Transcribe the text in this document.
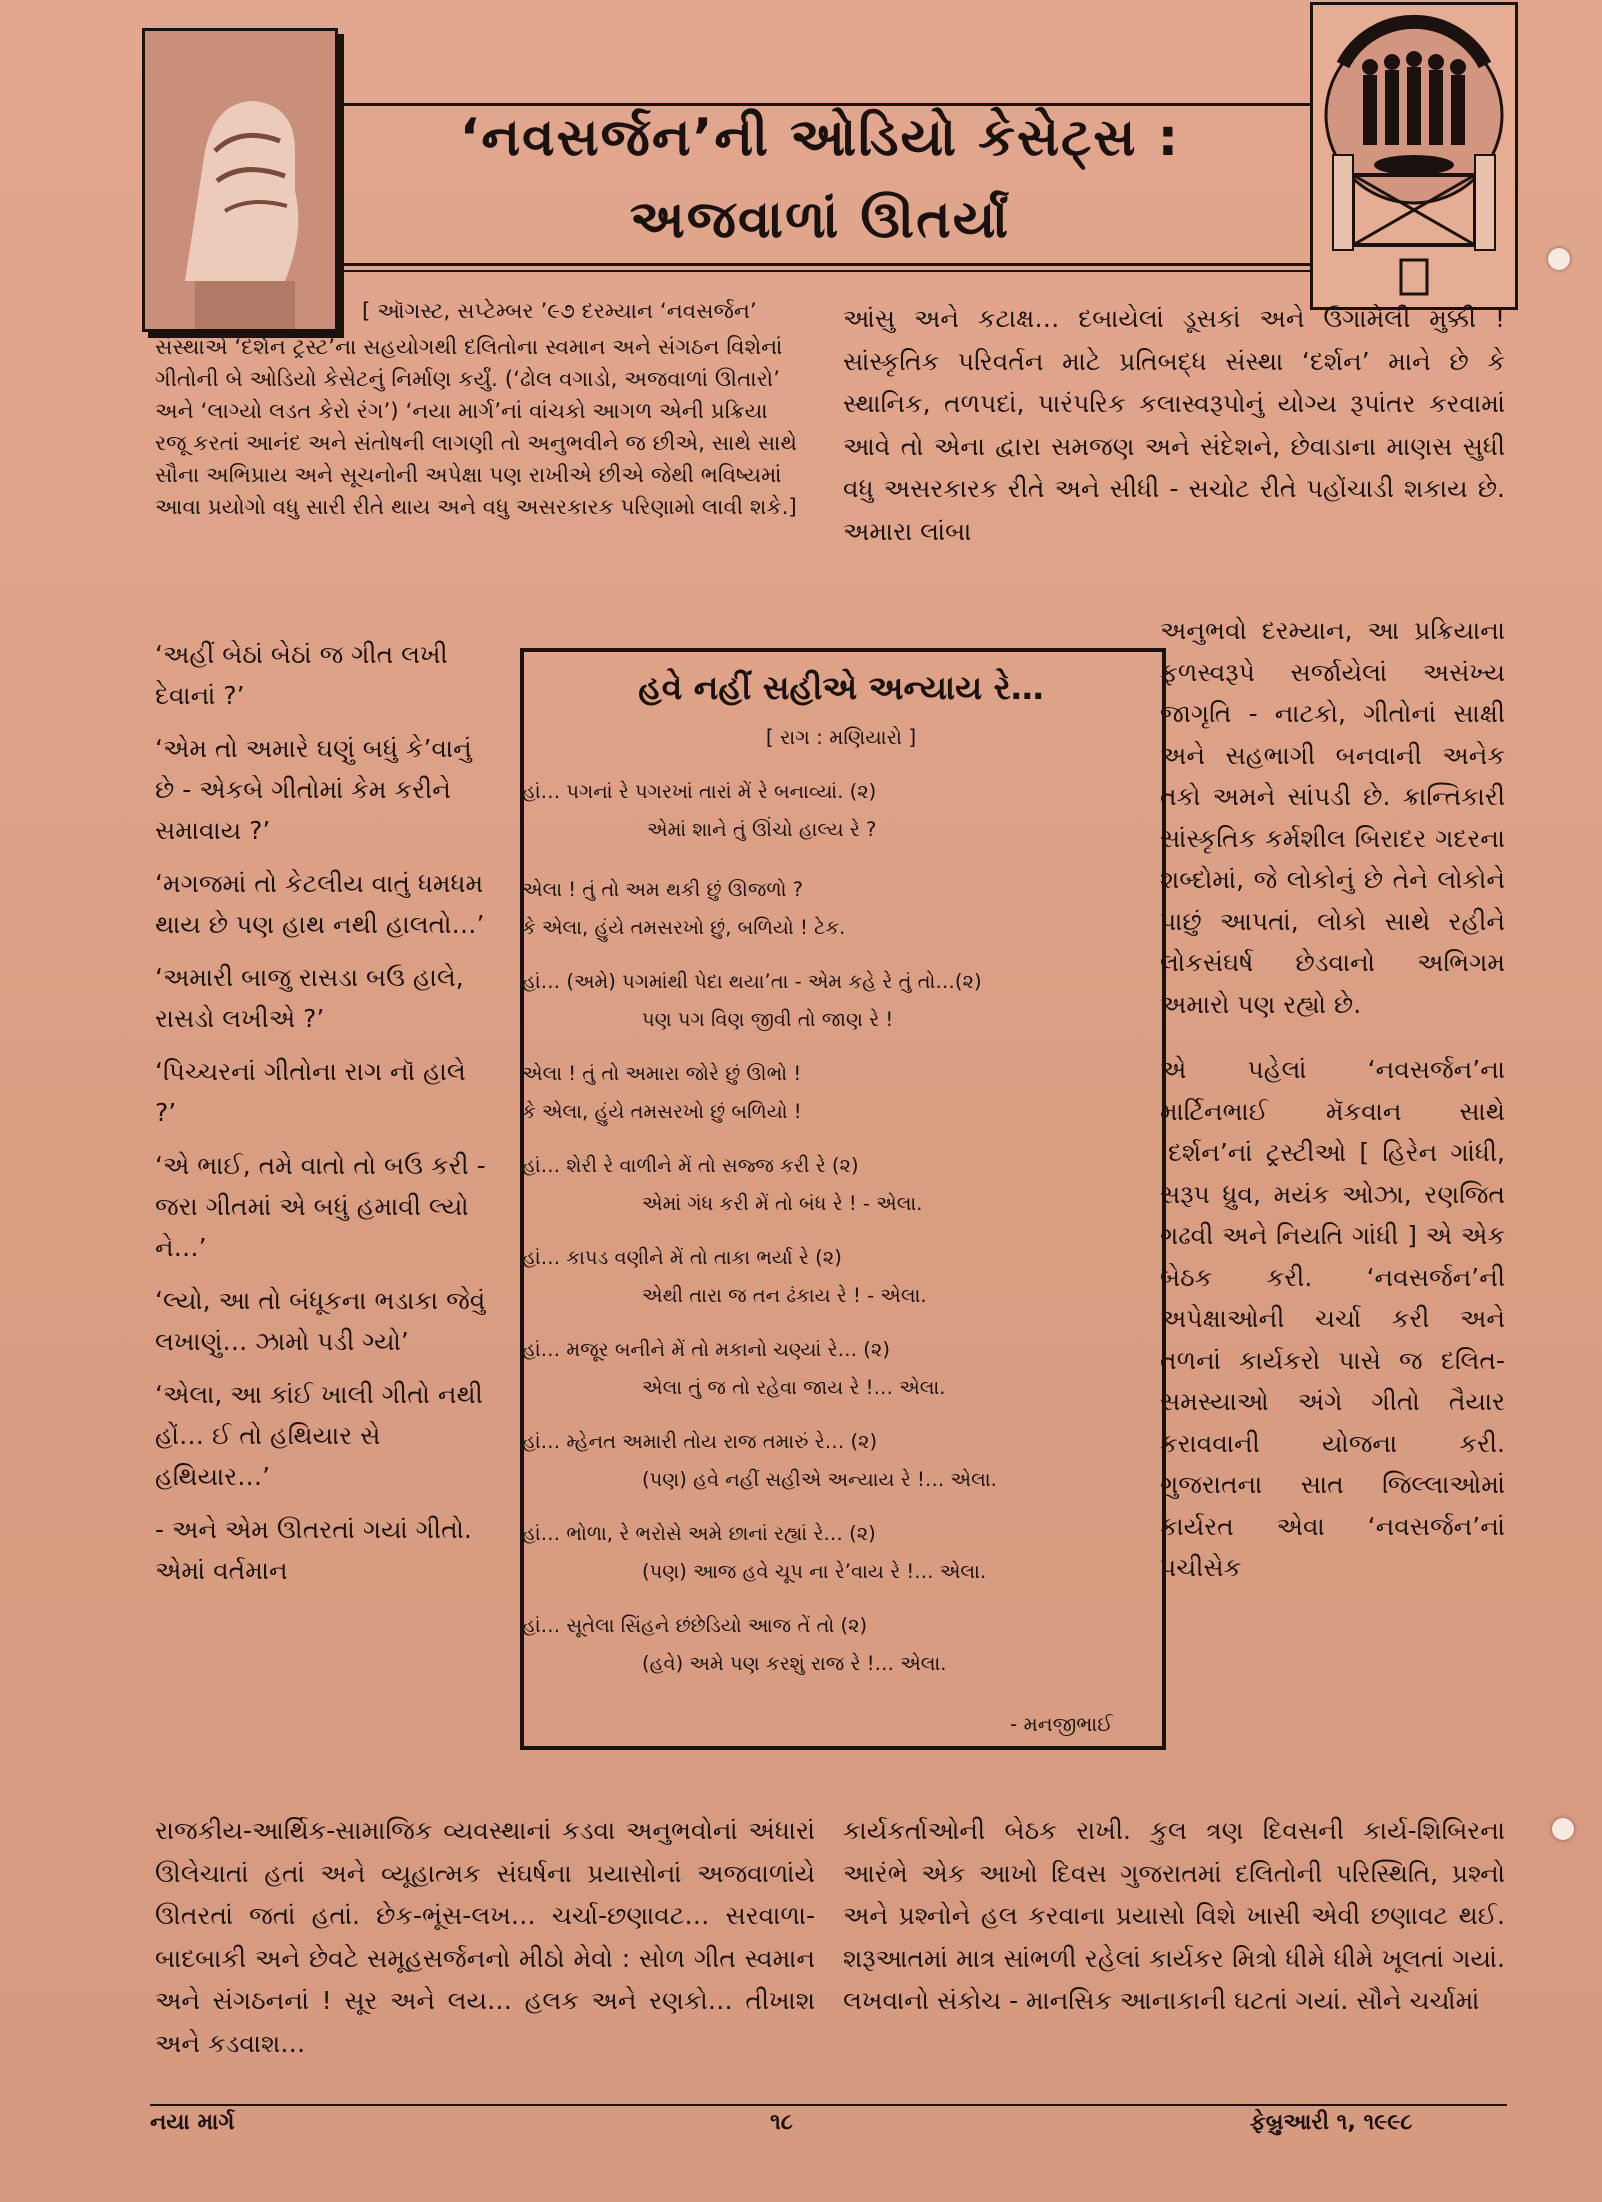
‘નવસર્જન’ની ઓડિયો કેસેટ્સ :
અજવાળાં ઊતર્યાં
[ ઑગસ્ટ, સપ્ટેમ્બર ’૯૭ દરમ્યાન ‘નવસર્જન’
સંસ્થાએ ‘દર્શન ટ્રસ્ટ’ના સહયોગથી દલિતોના સ્વમાન અને સંગઠન વિશેનાં ગીતોની બે ઓડિયો કેસેટનું નિર્માણ કર્યું. (‘ઢોલ વગાડો, અજવાળાં ઊતારો’ અને ‘લાગ્યો લડત કેરો રંગ’) ‘નયા માર્ગ’નાં વાંચકો આગળ એની પ્રક્રિયા રજૂ કરતાં આનંદ અને સંતોષની લાગણી તો અનુભવીને જ છીએ, સાથે સાથે સૌના અભિપ્રાય અને સૂચનોની અપેક્ષા પણ રાખીએ છીએ જેથી ભવિષ્યમાં આવા પ્રયોગો વધુ સારી રીતે થાય અને વધુ અસરકારક પરિણામો લાવી શકે.]
આંસુ અને કટાક્ષ… દબાયેલાં ડૂસકાં અને ઉગામેલી મુક્કી ! સાંસ્કૃતિક પરિવર્તન માટે પ્રતિબદ્ધ સંસ્થા ‘દર્શન’ માને છે કે સ્થાનિક, તળપદાં, પારંપરિક કલાસ્વરૂપોનું યોગ્ય રૂપાંતર કરવામાં આવે તો એના દ્વારા સમજણ અને સંદેશને, છેવાડાના માણસ સુધી વધુ અસરકારક રીતે અને સીધી - સચોટ રીતે પહોંચાડી શકાય છે. અમારા લાંબા

‘અહીં બેઠાં બેઠાં જ ગીત લખી દેવાનાં ?’

‘એમ તો અમારે ઘણું બધું કે’વાનું છે - એકબે ગીતોમાં કેમ કરીને સમાવાય ?’

‘મગજમાં તો કેટલીય વાતું ધમધમ થાય છે પણ હાથ નથી હાલતો…’

‘અમારી બાજુ રાસડા બઉ હાલે, રાસડો લખીએ ?’

‘પિચ્ચરનાં ગીતોના રાગ નૉ હાલે ?’

‘એ ભાઈ, તમે વાતો તો બઉ કરી - જરા ગીતમાં એ બધું હમાવી લ્યો ને…’

‘લ્યો, આ તો બંધૂકના ભડાકા જેવું લખાણું… ઝામો પડી ગ્યો’

‘એલા, આ કાંઈ ખાલી ગીતો નથી હોં… ઈ તો હથિયાર સે હથિયાર…’

- અને એમ ઊતરતાં ગયાં ગીતો. એમાં વર્તમાન

હવે નહીં સહીએ અન્યાય રે…
[ રાગ : મણિયારો ]
હાં… પગનાં રે પગરખાં તારાં મેં રે બનાવ્યાં. (૨)
એમાં શાને તું ઊંચો હાલ્ય રે ?
એલા ! તું તો અમ થકી છું ઊજળો ?
કે એલા, હુંયે તમસરખો છું, બળિયો ! ટેક.
હાં… (અમે) પગમાંથી પેદા થયા’તા - એમ કહે રે તું તો…(૨)
પણ પગ વિણ જીવી તો જાણ રે !
એલા ! તું તો અમારા જોરે છું ઊભો !
કે એલા, હુંયે તમસરખો છું બળિયો !
હાં… શેરી રે વાળીને મેં તો સજ્જ કરી રે (૨)
એમાં ગંધ કરી મેં તો બંધ રે ! - એલા.
હાં… કાપડ વણીને મેં તો તાકા ભર્યા રે (૨)
એથી તારા જ તન ઢંકાય રે ! - એલા.
હાં… મજૂર બનીને મેં તો મકાનો ચણ્યાં રે… (૨)
એલા તું જ તો રહેવા જાય રે !… એલા.
હાં… મ્હેનત અમારી તોય રાજ તમારું રે… (૨)
(પણ) હવે નહીં સહીએ અન્યાય રે !… એલા.
હાં… ભોળા, રે ભરોસે અમે છાનાં રહ્યાં રે… (૨)
(પણ) આજ હવે ચૂપ ના રે’વાય રે !… એલા.
હાં… સૂતેલા સિંહને છંછેડિયો આજ તેં તો (૨)
(હવે) અમે પણ કરશું રાજ રે !… એલા.
- મનજીભાઈ
અનુભવો દરમ્યાન, આ પ્રક્રિયાના ફળસ્વરૂપે સર્જાયેલાં અસંખ્ય જાગૃતિ - નાટકો, ગીતોનાં સાક્ષી અને સહભાગી બનવાની અનેક તકો અમને સાંપડી છે. ક્રાન્તિકારી સાંસ્કૃતિક કર્મશીલ બિરાદર ગદરના શબ્દોમાં, જે લોકોનું છે તેને લોકોને પાછું આપતાં, લોકો સાથે રહીને લોકસંઘર્ષ છેડવાનો અભિગમ અમારો પણ રહ્યો છે.
એ પહેલાં ‘નવસર્જન’ના માર્ટિનભાઈ મૅકવાન સાથે ‘દર્શન’નાં ટ્રસ્ટીઓ [ હિરેન ગાંધી, સરૂપ ધ્રુવ, મયંક ઓઝા, રણજિત ગઢવી અને નિયતિ ગાંધી ] એ એક બેઠક કરી. ‘નવસર્જન’ની અપેક્ષાઓની ચર્ચા કરી અને તળનાં કાર્યકરો પાસે જ દલિત-સમસ્યાઓ અંગે ગીતો તૈયાર કરાવવાની યોજના કરી. ગુજરાતના સાત જિલ્લાઓમાં કાર્યરત એવા ‘નવસર્જન’નાં પચીસેક
રાજકીય-આર્થિક-સામાજિક વ્યવસ્થાનાં કડવા અનુભવોનાં અંધારાં ઊલેચાતાં હતાં અને વ્યૂહાત્મક સંઘર્ષના પ્રયાસોનાં અજવાળાંયે ઊતરતાં જતાં હતાં. છેક-ભૂંસ-લખ… ચર્ચા-છણાવટ… સરવાળા-બાદબાકી અને છેવટે સમૂહસર્જનનો મીઠો મેવો : સોળ ગીત સ્વમાન અને સંગઠનનાં ! સૂર અને લય… હલક અને રણકો… તીખાશ અને કડવાશ…
કાર્યકર્તાઓની બેઠક રાખી. કુલ ત્રણ દિવસની કાર્ય-શિબિરના આરંભે એક આખો દિવસ ગુજરાતમાં દલિતોની પરિસ્થિતિ, પ્રશ્નો અને પ્રશ્નોને હલ કરવાના પ્રયાસો વિશે ખાસી એવી છણાવટ થઈ. શરૂઆતમાં માત્ર સાંભળી રહેલાં કાર્યકર મિત્રો ધીમે ધીમે ખૂલતાં ગયાં. લખવાનો સંકોચ - માનસિક આનાકાની ઘટતાં ગયાં. સૌને ચર્ચામાં
નયા માર્ગ	૧૮	ફેબ્રુઆરી ૧, ૧૯૯૮
